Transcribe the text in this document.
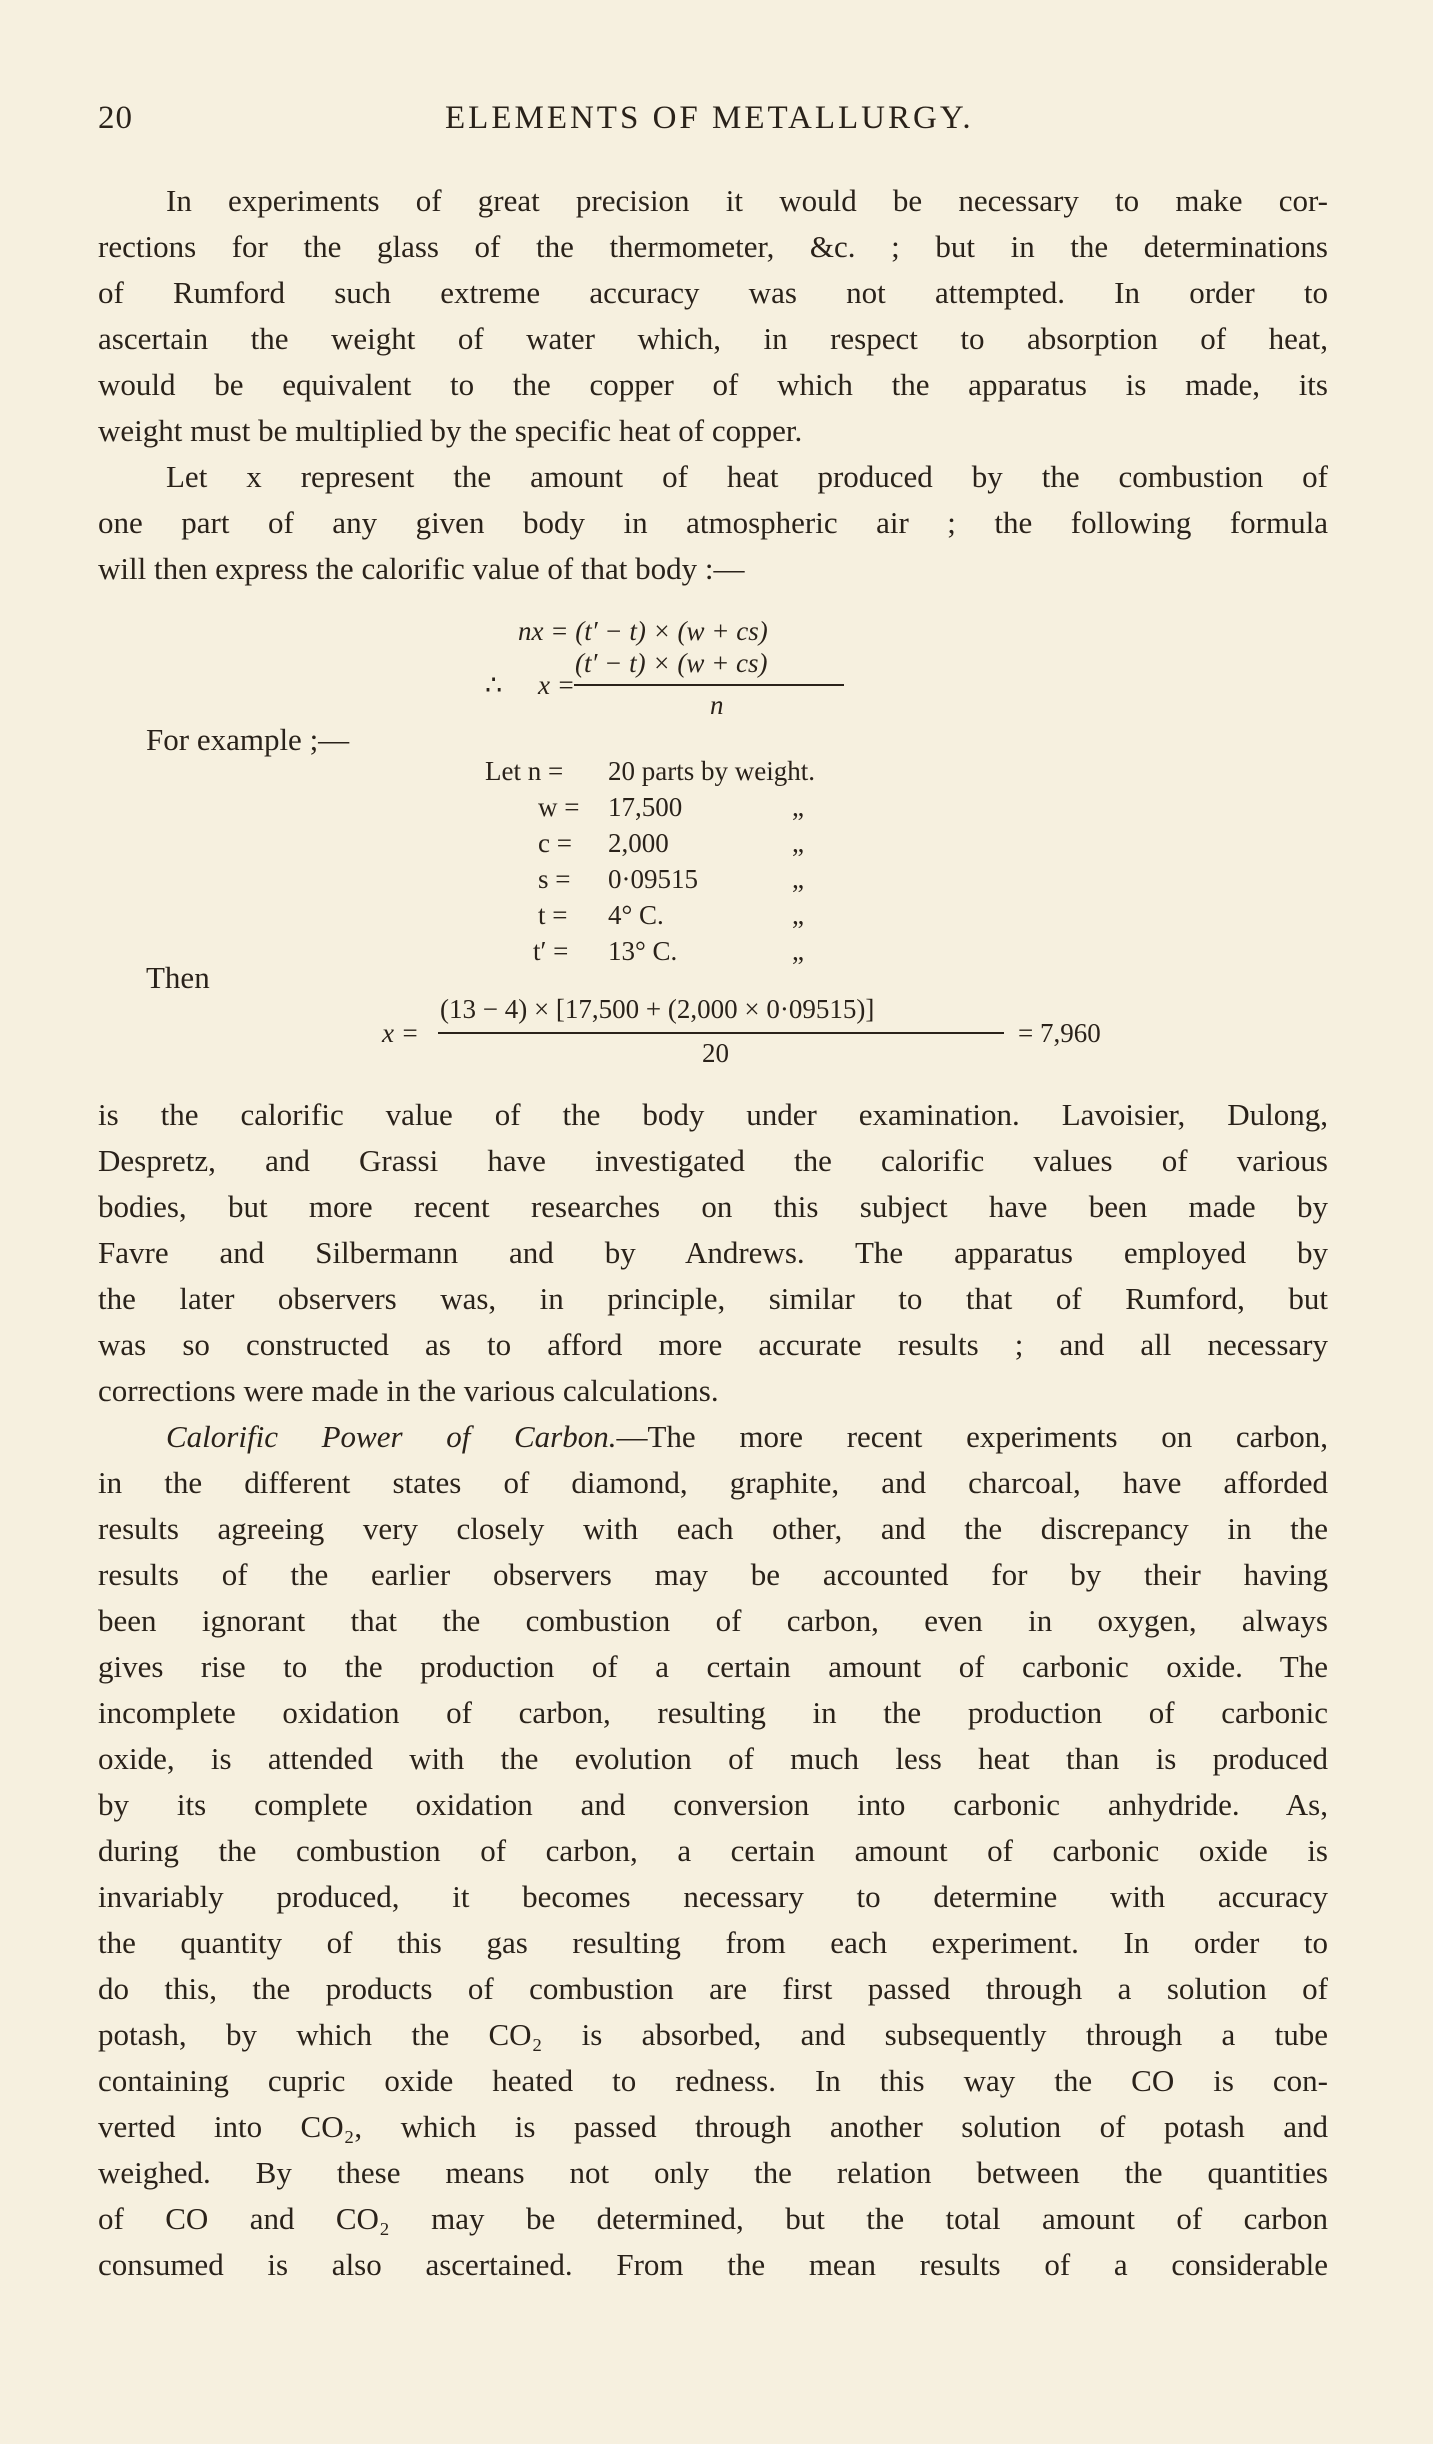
20	ELEMENTS OF METALLURGY.
In experiments of great precision it would be necessary to make cor-
rections for the glass of the thermometer, &c. ; but in the determinations
of Rumford such extreme accuracy was not attempted. In order to
ascertain the weight of water which, in respect to absorption of heat,
would be equivalent to the copper of which the apparatus is made, its
weight must be multiplied by the specific heat of copper.
Let x represent the amount of heat produced by the combustion of
one part of any given body in atmospheric air ; the following formula
will then express the calorific value of that body :—
nx = (t′ − t) × (w + cs)
∴ x =
(t′ − t) × (w + cs)
n
For example ;—
Let n = 20 parts by weight.
w = 17,500	„
c = 2,000	„
s = 0·09515	„
t = 4° C.	„
t′ = 13° C.	„
Then
x =
(13 − 4) × [17,500 + (2,000 × 0·09515)]
20
= 7,960
is the calorific value of the body under examination. Lavoisier, Dulong,
Despretz, and Grassi have investigated the calorific values of various
bodies, but more recent researches on this subject have been made by
Favre and Silbermann and by Andrews. The apparatus employed by
the later observers was, in principle, similar to that of Rumford, but
was so constructed as to afford more accurate results ; and all necessary
corrections were made in the various calculations.
Calorific Power of Carbon.—The more recent experiments on carbon,
in the different states of diamond, graphite, and charcoal, have afforded
results agreeing very closely with each other, and the discrepancy in the
results of the earlier observers may be accounted for by their having
been ignorant that the combustion of carbon, even in oxygen, always
gives rise to the production of a certain amount of carbonic oxide. The
incomplete oxidation of carbon, resulting in the production of carbonic
oxide, is attended with the evolution of much less heat than is produced
by its complete oxidation and conversion into carbonic anhydride. As,
during the combustion of carbon, a certain amount of carbonic oxide is
invariably produced, it becomes necessary to determine with accuracy
the quantity of this gas resulting from each experiment. In order to
do this, the products of combustion are first passed through a solution of
potash, by which the CO₂ is absorbed, and subsequently through a tube
containing cupric oxide heated to redness. In this way the CO is con-
verted into CO₂, which is passed through another solution of potash and
weighed. By these means not only the relation between the quantities
of CO and CO₂ may be determined, but the total amount of carbon
consumed is also ascertained. From the mean results of a considerable
